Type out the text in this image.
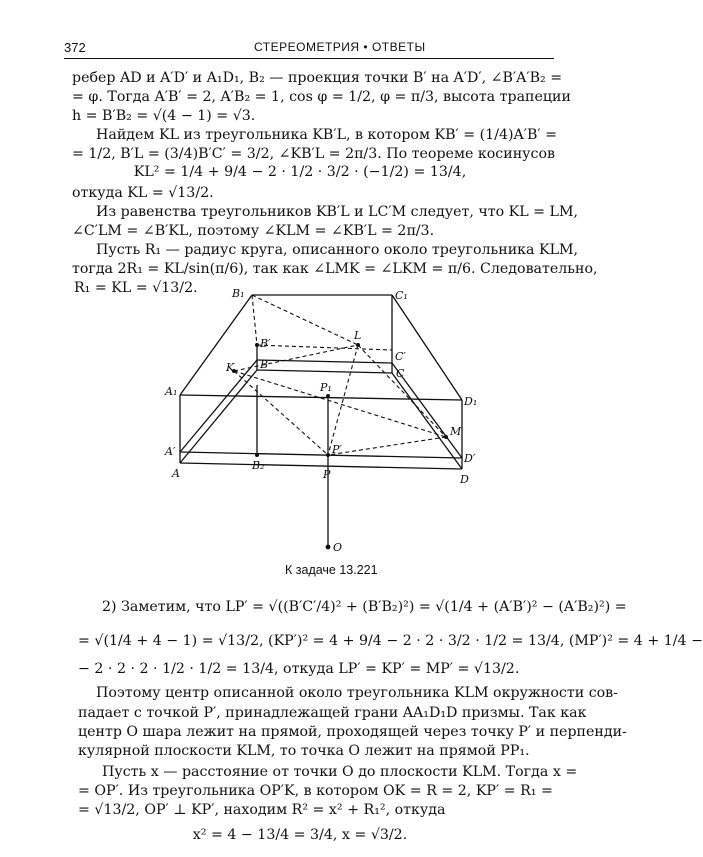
372	СТЕРЕОМЕТРИЯ • ОТВЕТЫ
ребер AD и A′D′ и A₁D₁, B₂ — проекция точки B′ на A′D′, ∠B′A′B₂ =
= φ. Тогда A′B′ = 2, A′B₂ = 1, cos φ = 1/2, φ = π/3, высота трапеции
h = B′B₂ = √(4 − 1) = √3.
Найдем KL из треугольника KB′L, в котором KB′ = (1/4)A′B′ =
= 1/2, B′L = (3/4)B′C′ = 3/2, ∠KB′L = 2π/3. По теореме косинусов
KL² = 1/4 + 9/4 − 2 · 1/2 · 3/2 · (−1/2) = 13/4,
откуда KL = √13/2.
Из равенства треугольников KB′L и LC′M следует, что KL = LM,
∠C′LM = ∠B′KL, поэтому ∠KLM = ∠KB′L = 2π/3.
Пусть R₁ — радиус круга, описанного около треугольника KLM,
тогда 2R₁ = KL/sin(π/6), так как ∠LMK = ∠LKM = π/6. Следовательно,
R₁ = KL = √13/2.	B₁	C₁
B′
L
C′
B
C
K
A₁	P₁
D₁
M
A′	P′
D′
B₂
A	P	D
O
К задаче 13.221
2) Заметим, что LP′ = √((B′C′/4)² + (B′B₂)²) = √(1/4 + (A′B′)² − (A′B₂)²) =
= √(1/4 + 4 − 1) = √13/2, (KP′)² = 4 + 9/4 − 2 · 2 · 3/2 · 1/2 = 13/4, (MP′)² = 4 + 1/4 −
− 2 · 2 · 2 · 1/2 · 1/2 = 13/4, откуда LP′ = KP′ = MP′ = √13/2.
Поэтому центр описанной около треугольника KLM окружности сов-
падает с точкой P′, принадлежащей грани AA₁D₁D призмы. Так как
центр O шара лежит на прямой, проходящей через точку P′ и перпенди-
кулярной плоскости KLM, то точка O лежит на прямой PP₁.
Пусть x — расстояние от точки O до плоскости KLM. Тогда x =
= OP′. Из треугольника OP′K, в котором OK = R = 2, KP′ = R₁ =
= √13/2, OP′ ⊥ KP′, находим R² = x² + R₁², откуда
x² = 4 − 13/4 = 3/4, x = √3/2.
